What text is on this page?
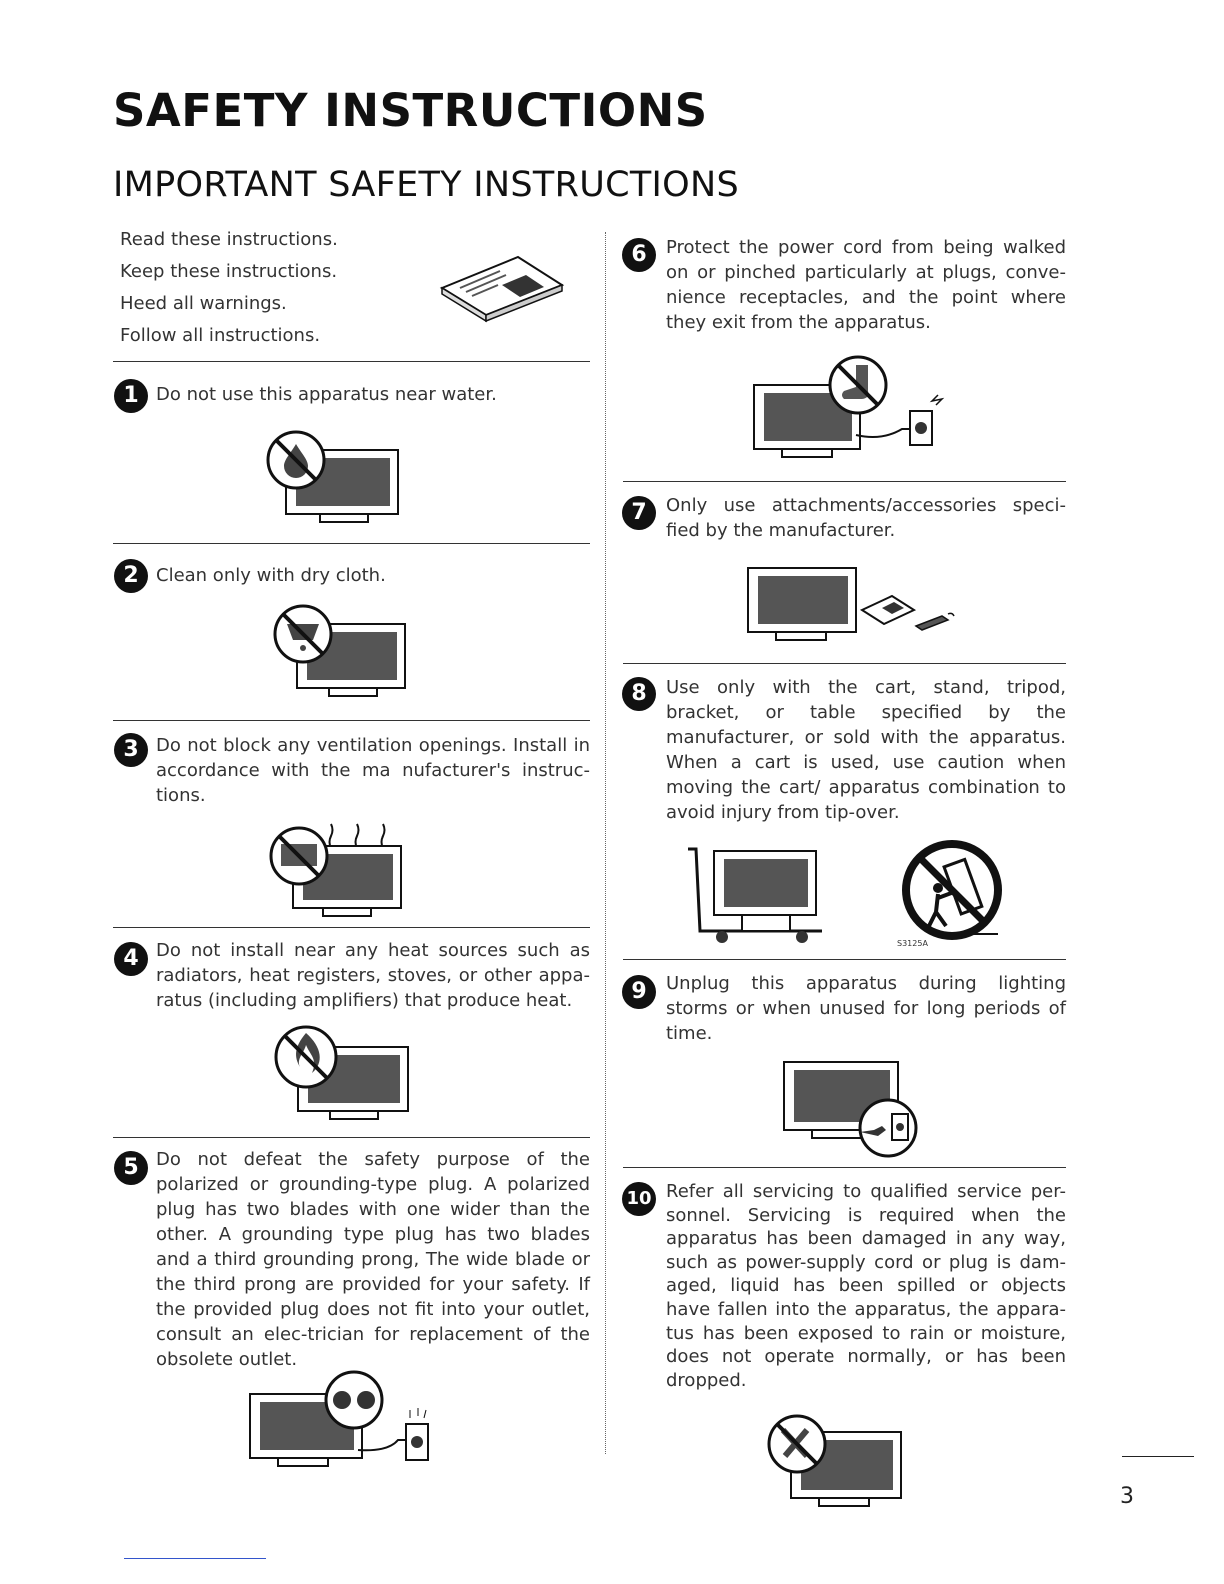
SAFETY INSTRUCTIONS
IMPORTANT SAFETY INSTRUCTIONS
Read these instructions.
Keep these instructions.
Heed all warnings.
Follow all instructions.
1 Do not use this apparatus near water.
2 Clean only with dry cloth.
3 Do not block any ventilation openings. Install in accordance with the ma nufacturer's instruc-tions.
4 Do not install near any heat sources such as radiators, heat registers, stoves, or other appa-ratus (including amplifiers) that produce heat.
5 Do not defeat the safety purpose of the polarized or grounding-type plug. A polarized plug has two blades with one wider than the other. A grounding type plug has two blades and a third grounding prong, The wide blade or the third prong are provided for your safety. If the provided plug does not fit into your outlet, consult an elec-trician for replacement of the obsolete outlet.
6	Protect the power cord from being walked on or pinched particularly at plugs, conve-nience receptacles, and the point where they exit from the apparatus.
7	Only use attachments/accessories speci-fied by the manufacturer.
8	Use only with the cart, stand, tripod, bracket, or table specified by the manufacturer, or sold with the apparatus. When a cart is used, use caution when moving the cart/ apparatus combination to avoid injury from tip-over.
S3125A
9	Unplug this apparatus during lighting storms or when unused for long periods of time.
10 Refer all servicing to qualified service per-sonnel. Servicing is required when the apparatus has been damaged in any way, such as power-supply cord or plug is dam-aged, liquid has been spilled or objects have fallen into the apparatus, the appara-tus has been exposed to rain or moisture, does not operate normally, or has been dropped.
3
